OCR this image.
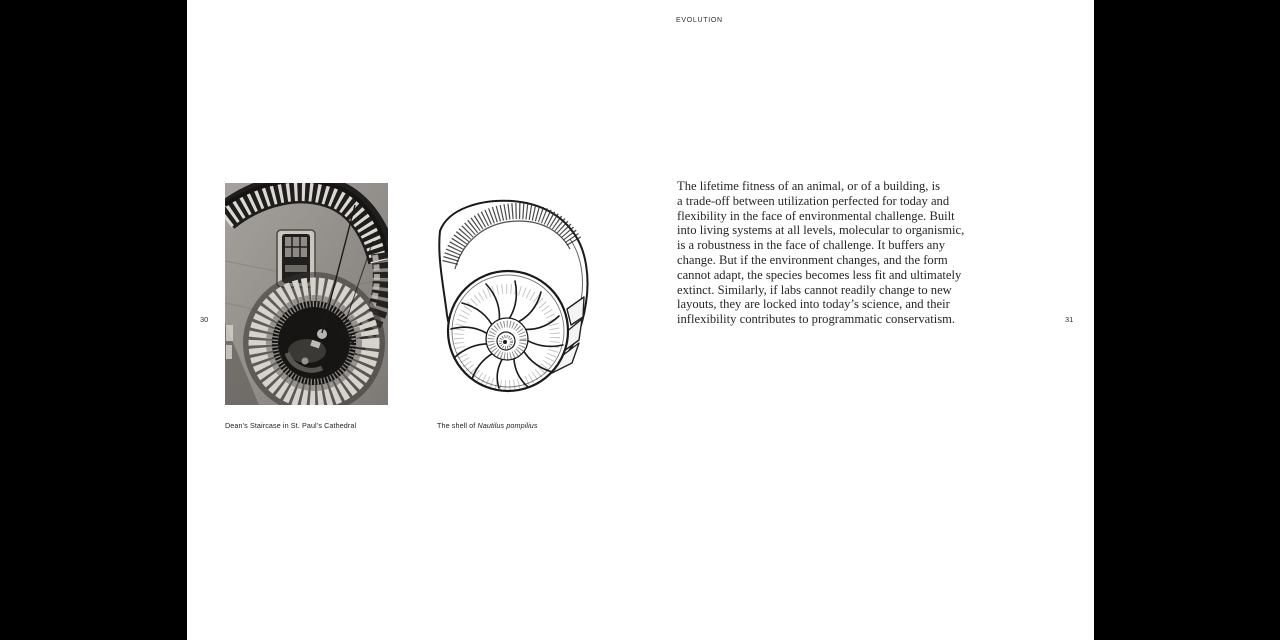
EVOLUTION
30	31
Dean’s Staircase in St. Paul’s Cathedral	The shell of Nautilus pompilius
The lifetime fitness of an animal, or of a building, is
a trade-off between utilization perfected for today and
flexibility in the face of environmental challenge. Built
into living systems at all levels, molecular to organismic,
is a robustness in the face of challenge. It buffers any
change. But if the environment changes, and the form
cannot adapt, the species becomes less fit and ultimately
extinct. Similarly, if labs cannot readily change to new
layouts, they are locked into today’s science, and their
inflexibility contributes to programmatic conservatism.
